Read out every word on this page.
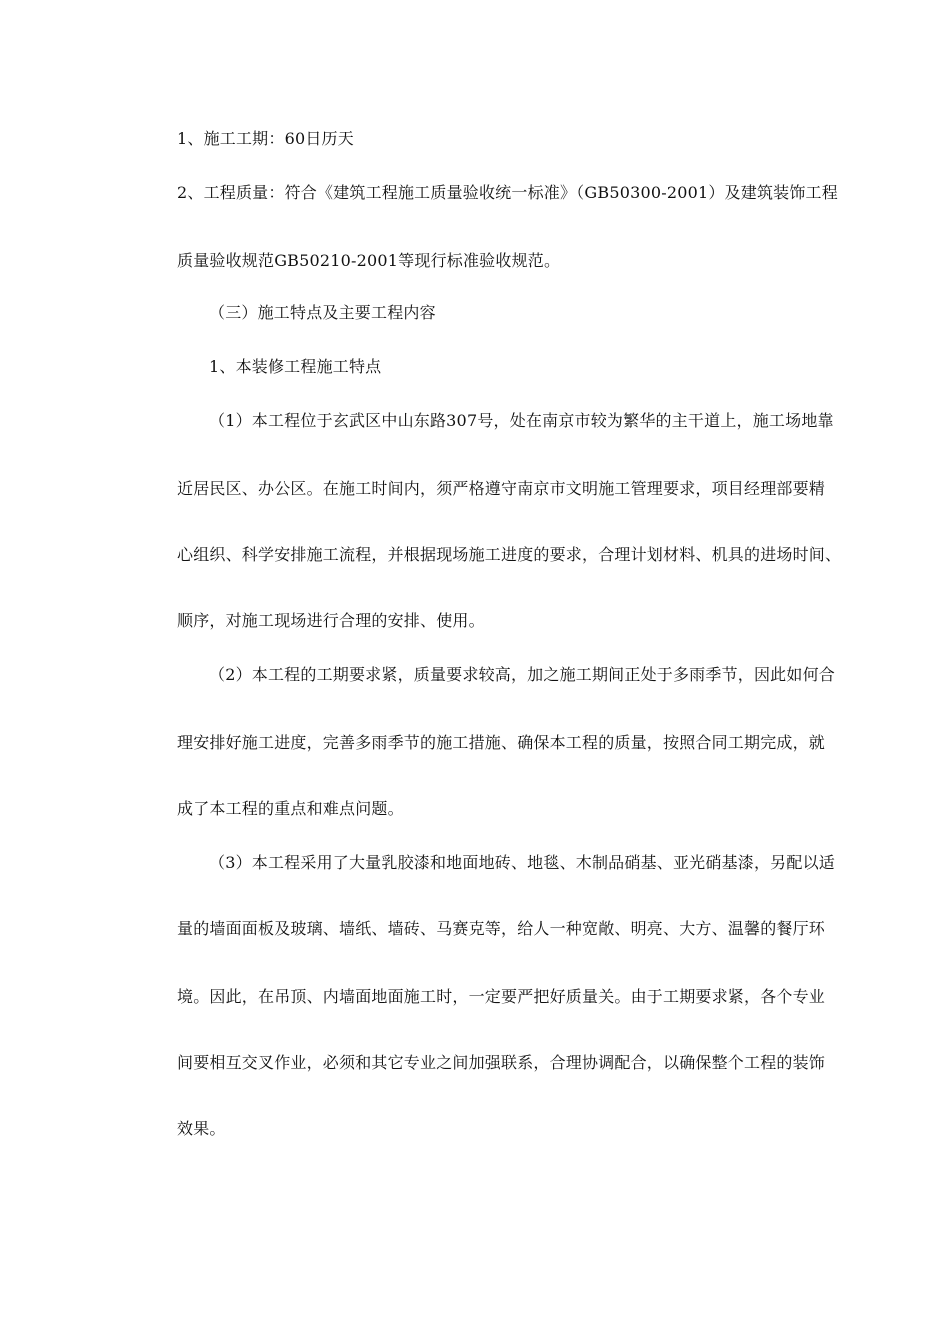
1、施工工期：60日历天
2、工程质量：符合《建筑工程施工质量验收统一标准》（GB50300-2001）及建筑装饰工程
质量验收规范GB50210-2001等现行标准验收规范。
（三）施工特点及主要工程内容
1、本装修工程施工特点
（1）本工程位于玄武区中山东路307号，处在南京市较为繁华的主干道上，施工场地靠
近居民区、办公区。在施工时间内，须严格遵守南京市文明施工管理要求，项目经理部要精
心组织、科学安排施工流程，并根据现场施工进度的要求，合理计划材料、机具的进场时间、
顺序，对施工现场进行合理的安排、使用。
（2）本工程的工期要求紧，质量要求较高，加之施工期间正处于多雨季节，因此如何合
理安排好施工进度，完善多雨季节的施工措施、确保本工程的质量，按照合同工期完成，就
成了本工程的重点和难点问题。
（3）本工程采用了大量乳胶漆和地面地砖、地毯、木制品硝基、亚光硝基漆，另配以适
量的墙面面板及玻璃、墙纸、墙砖、马赛克等，给人一种宽敞、明亮、大方、温馨的餐厅环
境。因此，在吊顶、内墙面地面施工时，一定要严把好质量关。由于工期要求紧，各个专业
间要相互交叉作业，必须和其它专业之间加强联系，合理协调配合，以确保整个工程的装饰
效果。
